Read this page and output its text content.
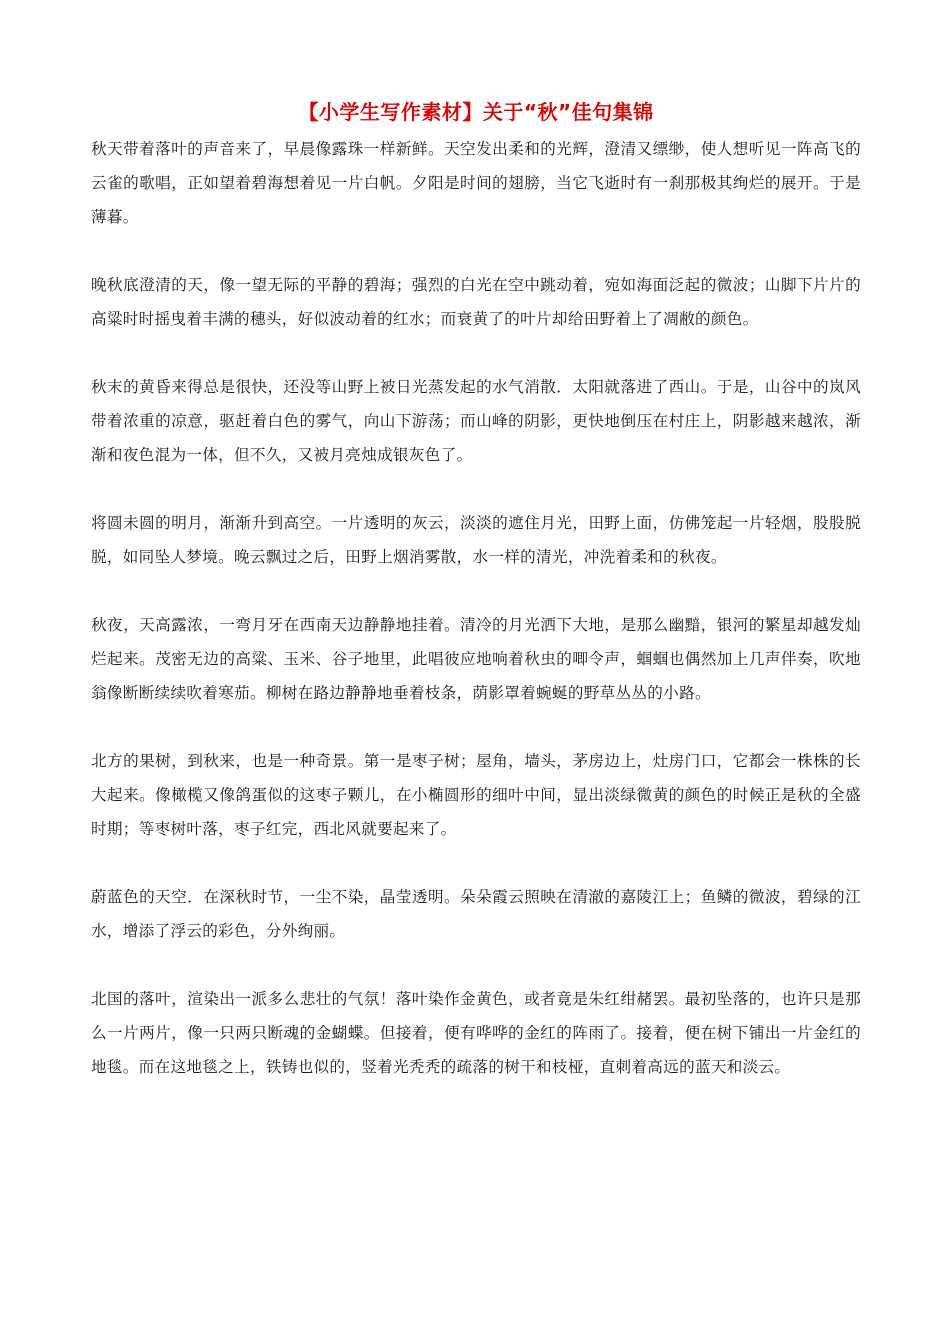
【小学生写作素材】关于“秋”佳句集锦

秋天带着落叶的声音来了，早晨像露珠一样新鲜。天空发出柔和的光辉，澄清又缥缈，使人想听见一阵高飞的云雀的歌唱，正如望着碧海想着见一片白帆。夕阳是时间的翅膀，当它飞逝时有一刹那极其绚烂的展开。于是薄暮。

晚秋底澄清的天，像一望无际的平静的碧海；强烈的白光在空中跳动着，宛如海面泛起的微波；山脚下片片的高粱时时摇曳着丰满的穗头，好似波动着的红水；而衰黄了的叶片却给田野着上了凋敝的颜色。

秋末的黄昏来得总是很快，还没等山野上被日光蒸发起的水气消散．太阳就落进了西山。于是，山谷中的岚风带着浓重的凉意，驱赶着白色的雾气，向山下游荡；而山峰的阴影，更快地倒压在村庄上，阴影越来越浓，渐渐和夜色混为一体，但不久，又被月亮烛成银灰色了。

将圆未圆的明月，渐渐升到高空。一片透明的灰云，淡淡的遮住月光，田野上面，仿佛笼起一片轻烟，股股脱脱，如同坠人梦境。晚云飘过之后，田野上烟消雾散，水一样的清光，冲洗着柔和的秋夜。

秋夜，天高露浓，一弯月牙在西南天边静静地挂着。清冷的月光洒下大地，是那么幽黯，银河的繁星却越发灿烂起来。茂密无边的高粱、玉米、谷子地里，此唱彼应地响着秋虫的唧令声，蝈蝈也偶然加上几声伴奏，吹地翁像断断续续吹着寒茄。柳树在路边静静地垂着枝条，荫影罩着蜿蜒的野草丛丛的小路。

北方的果树，到秋来，也是一种奇景。第一是枣子树；屋角，墙头，茅房边上，灶房门口，它都会一株株的长大起来。像橄榄又像鸽蛋似的这枣子颗儿，在小椭圆形的细叶中间，显出淡绿微黄的颜色的时候正是秋的全盛时期；等枣树叶落，枣子红完，西北风就要起来了。

蔚蓝色的天空．在深秋时节，一尘不染，晶莹透明。朵朵霞云照映在清澈的嘉陵江上；鱼鳞的微波，碧绿的江水，增添了浮云的彩色，分外绚丽。

北国的落叶，渲染出一派多么悲壮的气氛！落叶染作金黄色，或者竟是朱红绀赭罢。最初坠落的，也许只是那么一片两片，像一只两只断魂的金蝴蝶。但接着，便有哗哗的金红的阵雨了。接着，便在树下铺出一片金红的地毯。而在这地毯之上，铁铸也似的，竖着光秃秃的疏落的树干和枝桠，直刺着高远的蓝天和淡云。
